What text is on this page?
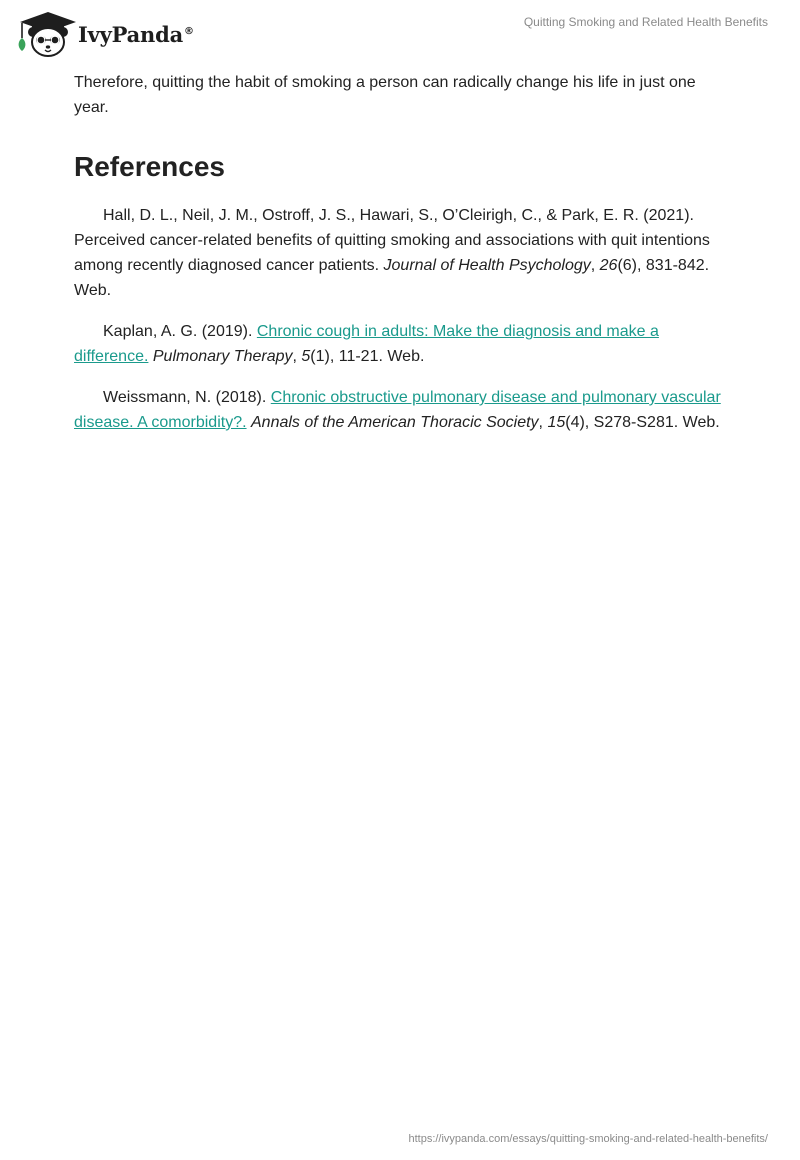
IvyPanda®
Quitting Smoking and Related Health Benefits

Therefore, quitting the habit of smoking a person can radically change his life in just one year.

References

Hall, D. L., Neil, J. M., Ostroff, J. S., Hawari, S., O’Cleirigh, C., & Park, E. R. (2021). Perceived cancer-related benefits of quitting smoking and associations with quit intentions among recently diagnosed cancer patients. Journal of Health Psychology, 26(6), 831-842. Web.

Kaplan, A. G. (2019). Chronic cough in adults: Make the diagnosis and make a difference. Pulmonary Therapy, 5(1), 11-21. Web.

Weissmann, N. (2018). Chronic obstructive pulmonary disease and pulmonary vascular disease. A comorbidity?. Annals of the American Thoracic Society, 15(4), S278-S281. Web.

https://ivypanda.com/essays/quitting-smoking-and-related-health-benefits/
